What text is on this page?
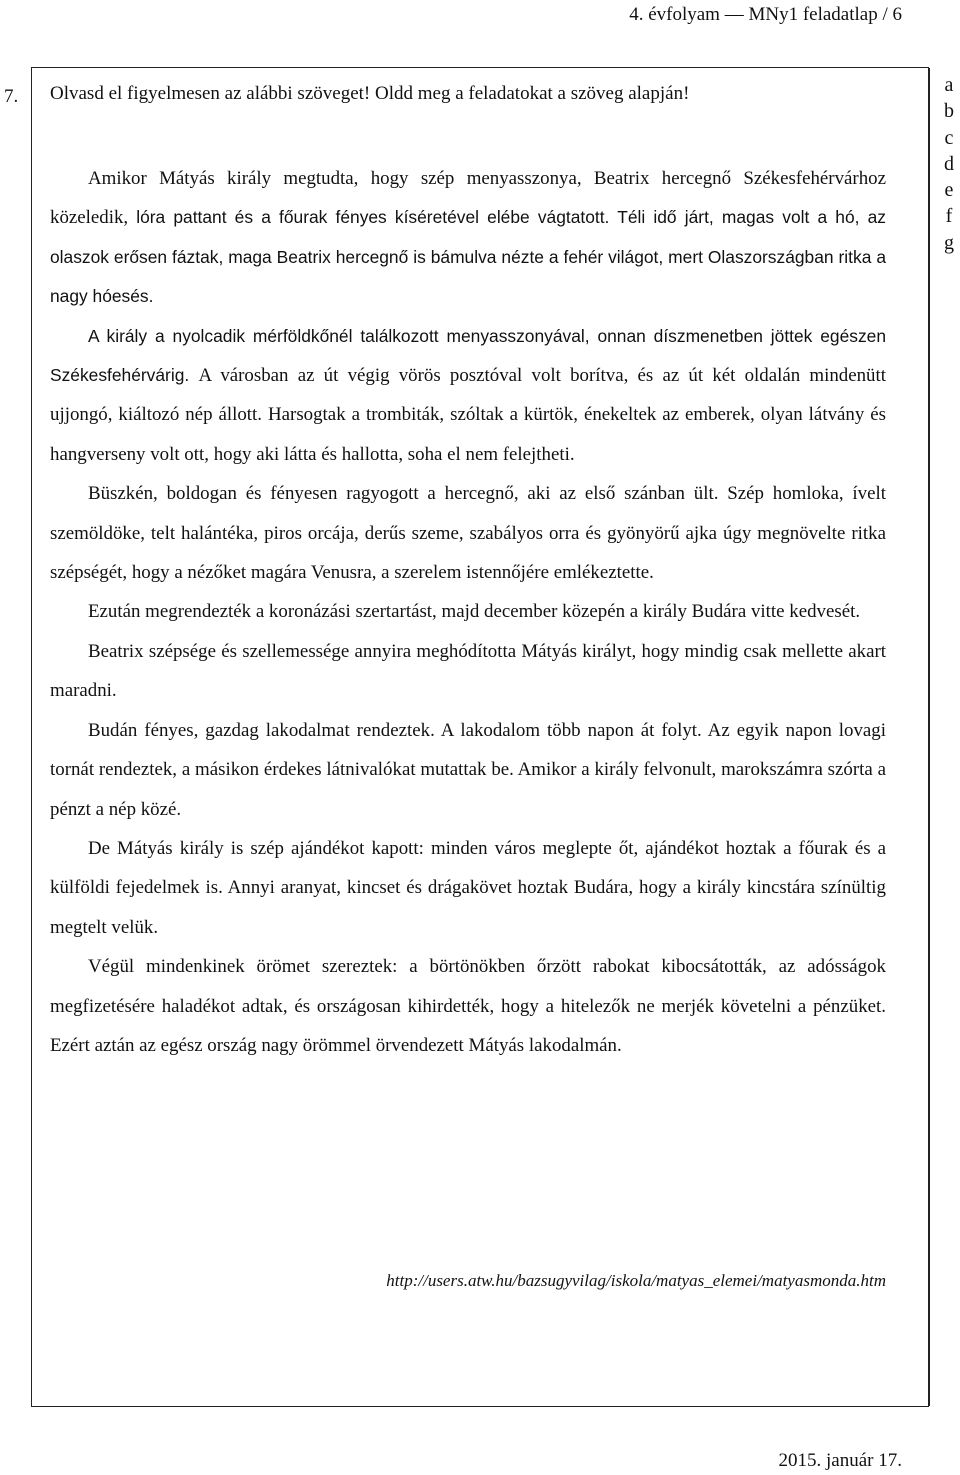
4. évfolyam — MNy1 feladatlap / 6
7.
a
b
c
d
e
f
g

Olvasd el figyelmesen az alábbi szöveget! Oldd meg a feladatokat a szöveg alapján!

Amikor Mátyás király megtudta, hogy szép menyasszonya, Beatrix hercegnő Székesfehérvárhoz közeledik, lóra pattant és a főurak fényes kíséretével elébe vágtatott. Téli idő járt, magas volt a hó, az olaszok erősen fáztak, maga Beatrix hercegnő is bámulva nézte a fehér világot, mert Olaszországban ritka a nagy hóesés.

A király a nyolcadik mérföldkőnél találkozott menyasszonyával, onnan díszmenetben jöttek egészen Székesfehérvárig. A városban az út végig vörös posztóval volt borítva, és az út két oldalán mindenütt ujjongó, kiáltozó nép állott. Harsogtak a trombiták, szóltak a kürtök, énekeltek az emberek, olyan látvány és hangverseny volt ott, hogy aki látta és hallotta, soha el nem felejtheti.

Büszkén, boldogan és fényesen ragyogott a hercegnő, aki az első szánban ült. Szép homloka, ívelt szemöldöke, telt halántéka, piros orcája, derűs szeme, szabályos orra és gyönyörű ajka úgy megnövelte ritka szépségét, hogy a nézőket magára Venusra, a szerelem istennőjére emlékeztette.

Ezután megrendezték a koronázási szertartást, majd december közepén a király Budára vitte kedvesét.

Beatrix szépsége és szellemessége annyira meghódította Mátyás királyt, hogy mindig csak mellette akart maradni.

Budán fényes, gazdag lakodalmat rendeztek. A lakodalom több napon át folyt. Az egyik napon lovagi tornát rendeztek, a másikon érdekes látnivalókat mutattak be. Amikor a király felvonult, marokszámra szórta a pénzt a nép közé.

De Mátyás király is szép ajándékot kapott: minden város meglepte őt, ajándékot hoztak a főurak és a külföldi fejedelmek is. Annyi aranyat, kincset és drágakövet hoztak Budára, hogy a király kincstára színültig megtelt velük.

Végül mindenkinek örömet szereztek: a börtönökben őrzött rabokat kibocsátották, az adósságok megfizetésére haladékot adtak, és országosan kihirdették, hogy a hitelezők ne merjék követelni a pénzüket. Ezért aztán az egész ország nagy örömmel örvendezett Mátyás lakodalmán.

http://users.atw.hu/bazsugyvilag/iskola/matyas_elemei/matyasmonda.htm
2015. január 17.
